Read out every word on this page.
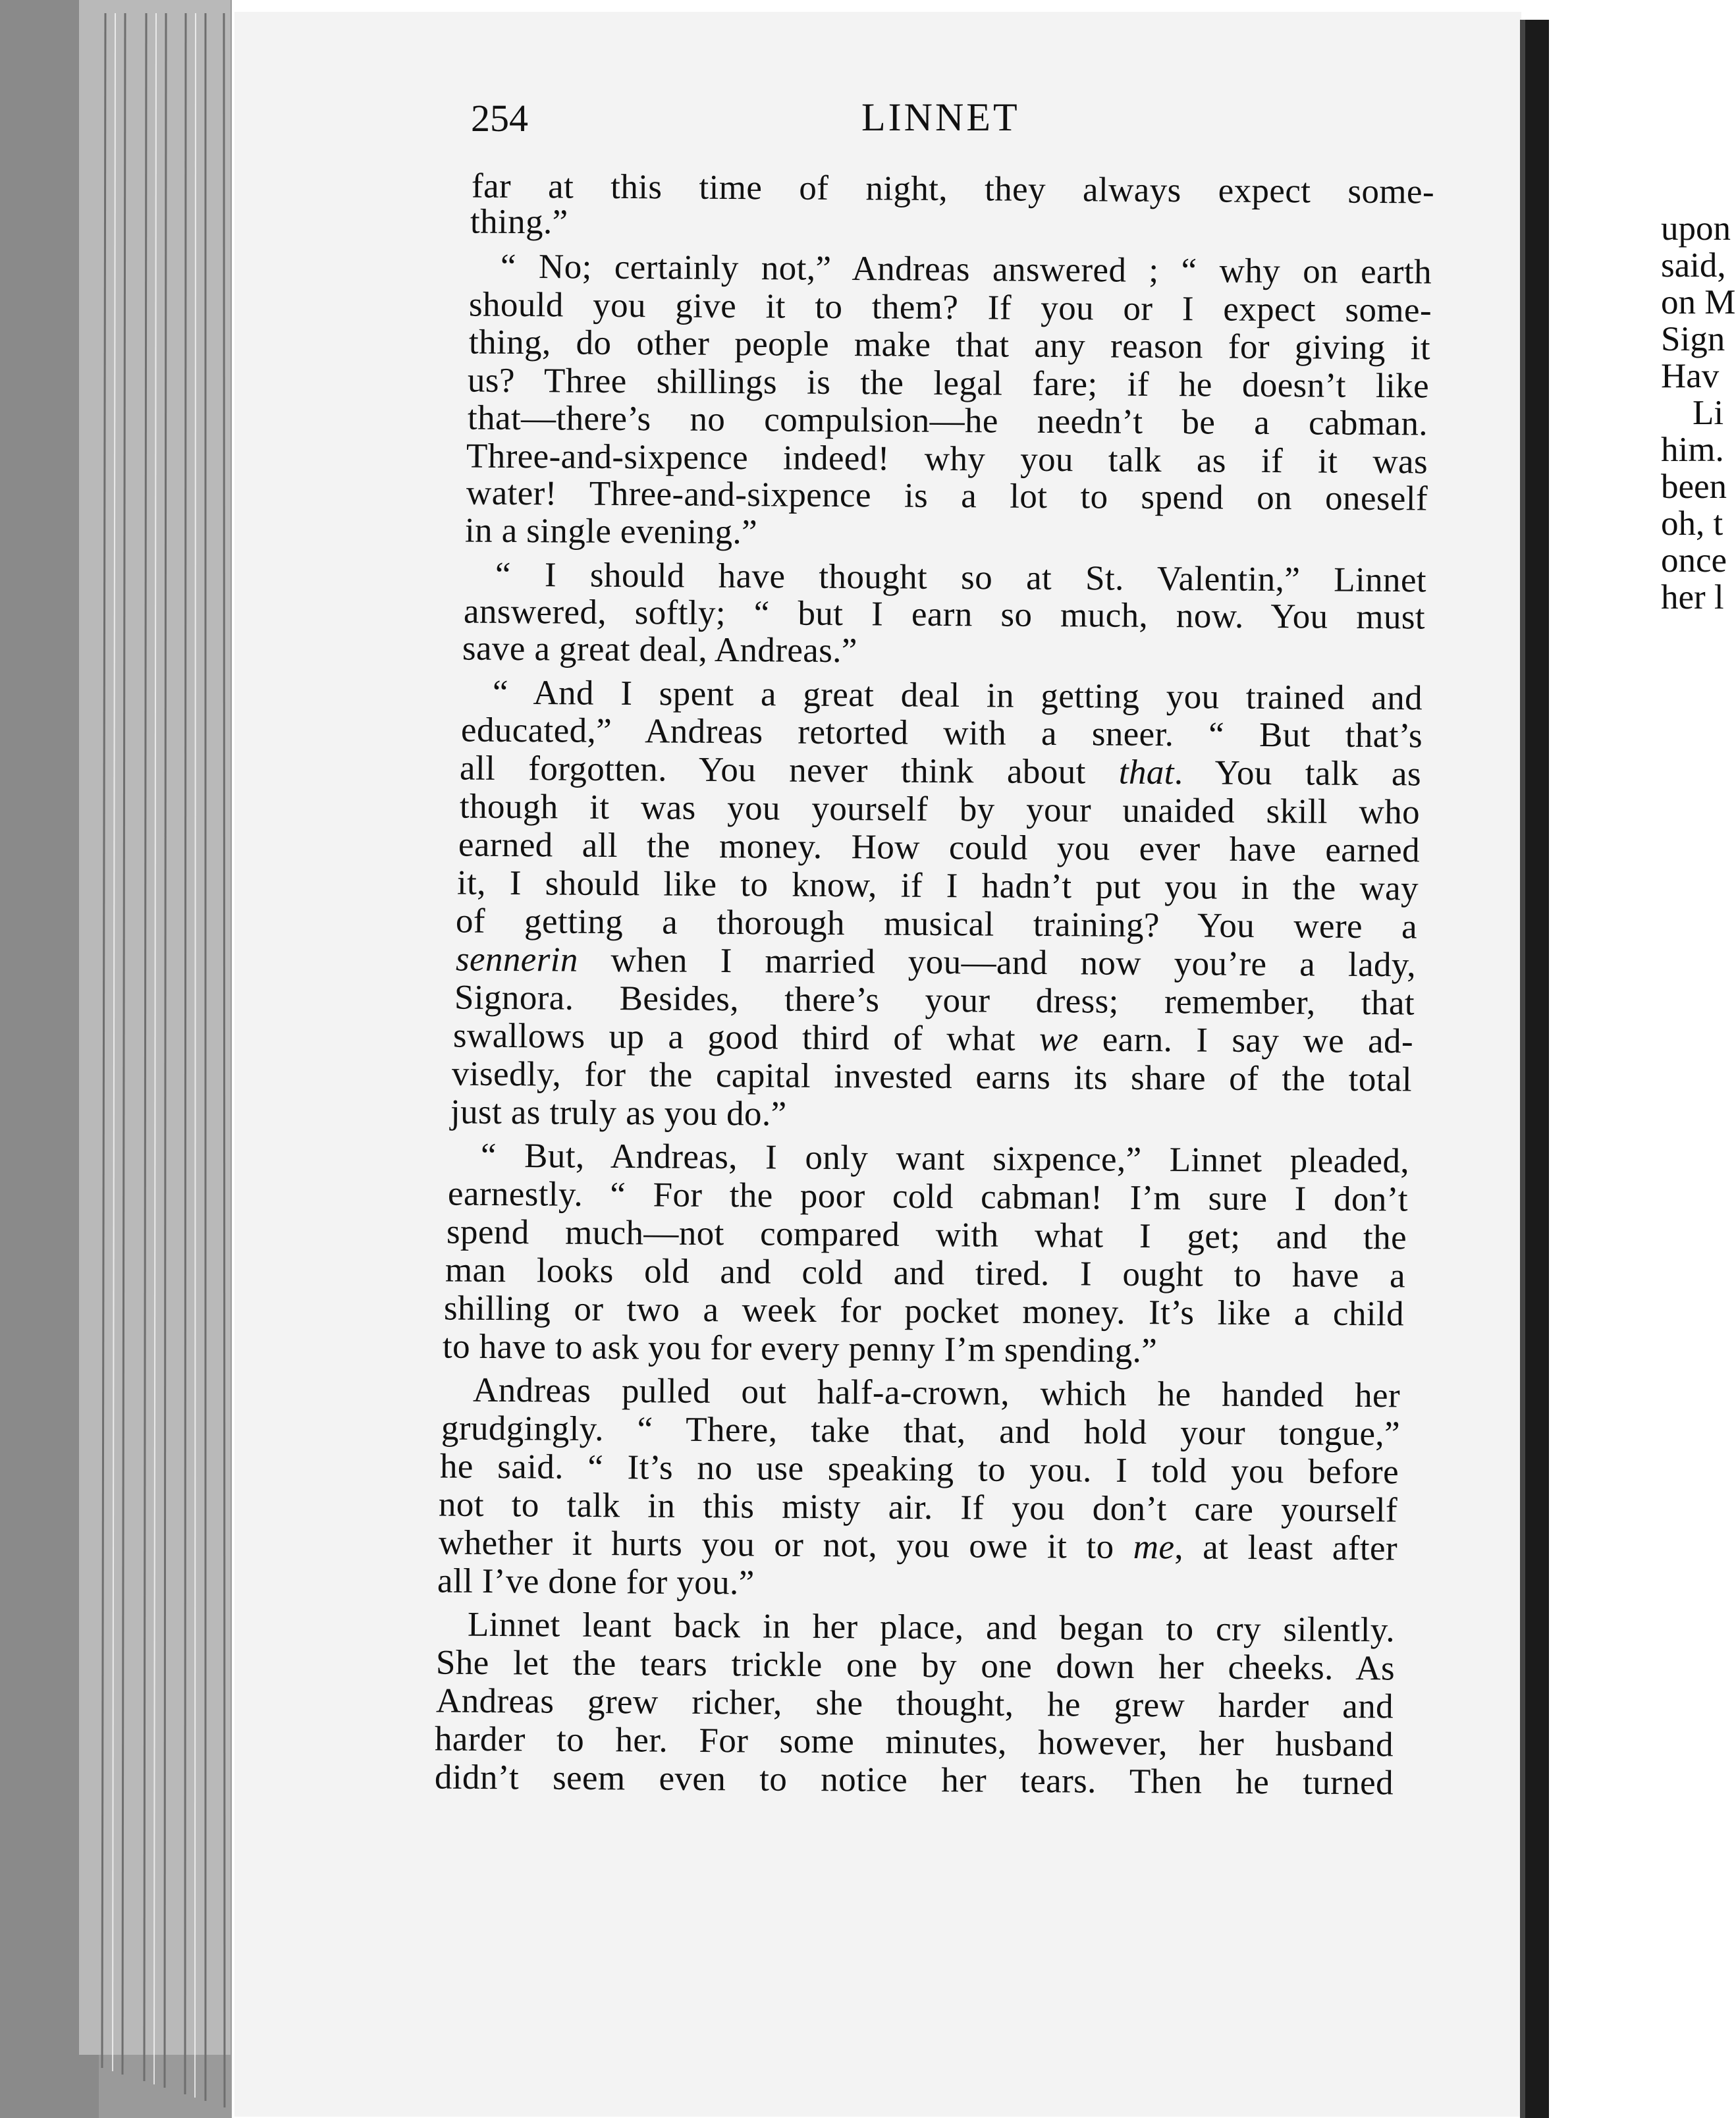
254	LINNET

far at this time of night, they always expect some-

thing.”

“ No; certainly not,” Andreas answered ; “ why on earth

should you give it to them? If you or I expect some-

thing, do other people make that any reason for giving it

us? Three shillings is the legal fare; if he doesn’t like

that—there’s no compulsion—he needn’t be a cabman.

Three-and-sixpence indeed! why you talk as if it was

water! Three-and-sixpence is a lot to spend on oneself

in a single evening.”

“ I should have thought so at St. Valentin,” Linnet

answered, softly; “ but I earn so much, now. You must

save a great deal, Andreas.”

“ And I spent a great deal in getting you trained and

educated,” Andreas retorted with a sneer. “ But that’s

all forgotten. You never think about that. You talk as

though it was you yourself by your unaided skill who

earned all the money. How could you ever have earned

it, I should like to know, if I hadn’t put you in the way

of getting a thorough musical training? You were a

sennerin when I married you—and now you’re a lady,

Signora. Besides, there’s your dress; remember, that

swallows up a good third of what we earn. I say we ad-

visedly, for the capital invested earns its share of the total

just as truly as you do.”

“ But, Andreas, I only want sixpence,” Linnet pleaded,

earnestly. “ For the poor cold cabman! I’m sure I don’t

spend much—not compared with what I get; and the

man looks old and cold and tired. I ought to have a

shilling or two a week for pocket money. It’s like a child

to have to ask you for every penny I’m spending.”

Andreas pulled out half-a-crown, which he handed her

grudgingly. “ There, take that, and hold your tongue,”

he said. “ It’s no use speaking to you. I told you before

not to talk in this misty air. If you don’t care yourself

whether it hurts you or not, you owe it to me, at least after

all I’ve done for you.”

Linnet leant back in her place, and began to cry silently.

She let the tears trickle one by one down her cheeks. As

Andreas grew richer, she thought, he grew harder and

harder to her. For some minutes, however, her husband

didn’t seem even to notice her tears. Then he turned

upon

said,

on M

Sign

Hav

Li

him.

been

oh, t

once

her l
